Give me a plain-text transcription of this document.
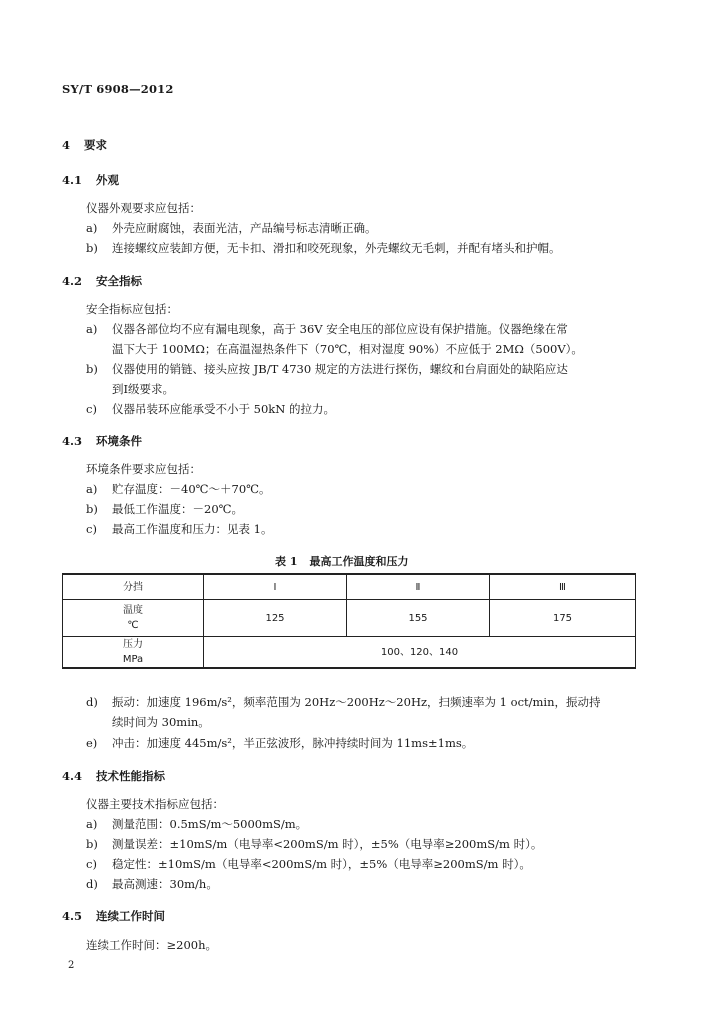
SY/T 6908—2012
4 要求
4.1 外观
仪器外观要求应包括：
a) 外壳应耐腐蚀，表面光洁，产品编号标志清晰正确。
b) 连接螺纹应装卸方便，无卡扣、滑扣和咬死现象，外壳螺纹无毛刺，并配有堵头和护帽。
4.2 安全指标
安全指标应包括：
a) 仪器各部位均不应有漏电现象，高于 36V 安全电压的部位应设有保护措施。仪器绝缘在常
温下大于 100MΩ；在高温湿热条件下（70℃，相对湿度 90%）不应低于 2MΩ（500V）。
b) 仪器使用的销链、接头应按 JB/T 4730 规定的方法进行探伤，螺纹和台肩面处的缺陷应达
到Ⅰ级要求。
c) 仪器吊装环应能承受不小于 50kN 的拉力。
4.3 环境条件
环境条件要求应包括：
a) 贮存温度：－40℃～＋70℃。
b) 最低工作温度：－20℃。
c) 最高工作温度和压力：见表 1。
表 1 最高工作温度和压力
分挡	Ⅰ	Ⅱ	Ⅲ

温度
℃	125	155	175

压力
MPa	100、120、140		
d) 振动：加速度 196m/s²，频率范围为 20Hz～200Hz～20Hz，扫频速率为 1 oct/min，振动持
续时间为 30min。
e) 冲击：加速度 445m/s²，半正弦波形，脉冲持续时间为 11ms±1ms。
4.4 技术性能指标
仪器主要技术指标应包括：
a) 测量范围：0.5mS/m～5000mS/m。
b) 测量误差：±10mS/m（电导率<200mS/m 时），±5%（电导率≥200mS/m 时）。
c) 稳定性：±10mS/m（电导率<200mS/m 时），±5%（电导率≥200mS/m 时）。
d) 最高测速：30m/h。
4.5 连续工作时间
连续工作时间：≥200h。
2
